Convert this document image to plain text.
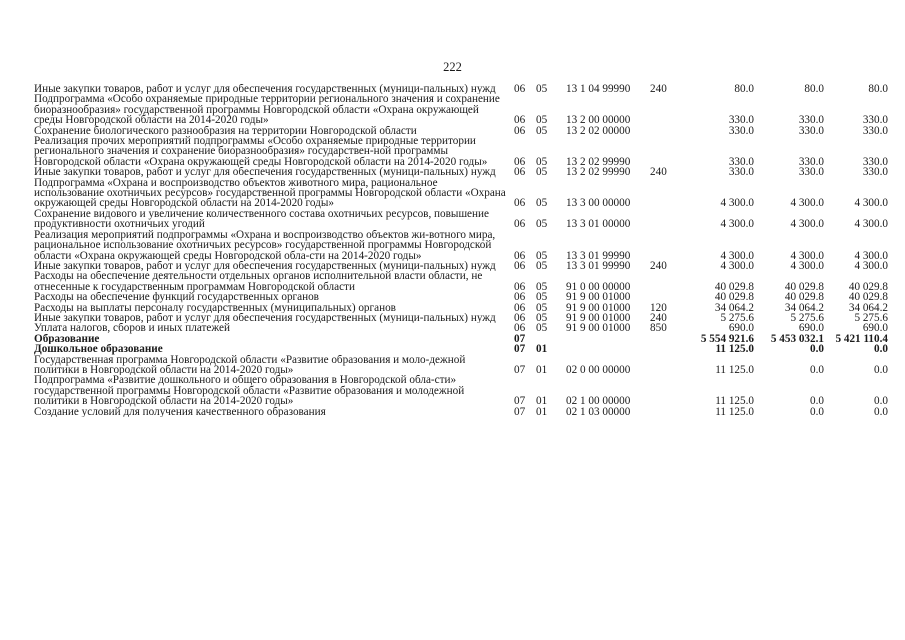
222
Иные закупки товаров, работ и услуг для обеспечения государственных (муници-пальных) нужд	06	05	13 1 04 99990	240	80.0	80.0	80.0
Подпрограмма «Особо охраняемые природные территории регионального значения и сохранение биоразнообразия» государственной программы Новгородской области «Охрана окружающей среды Новгородской области на 2014-2020 годы»	06	05	13 2 00 00000		330.0	330.0	330.0
Сохранение биологического разнообразия на территории Новгородской области	06	05	13 2 02 00000		330.0	330.0	330.0
Реализация прочих мероприятий подпрограммы «Особо охраняемые природные территории регионального значения и сохранение биоразнообразия» государствен-ной программы Новгородской области «Охрана окружающей среды Новгородской области на 2014-2020 годы»	06	05	13 2 02 99990		330.0	330.0	330.0
Иные закупки товаров, работ и услуг для обеспечения государственных (муници-пальных) нужд	06	05	13 2 02 99990	240	330.0	330.0	330.0
Подпрограмма «Охрана и воспроизводство объектов животного мира, рациональное использование охотничьих ресурсов» государственной программы Новгородской области «Охрана окружающей среды Новгородской области на 2014-2020 годы»	06	05	13 3 00 00000		4 300.0	4 300.0	4 300.0
Сохранение видового и увеличение количественного состава охотничьих ресурсов, повышение продуктивности охотничьих угодий	06	05	13 3 01 00000		4 300.0	4 300.0	4 300.0
Реализация мероприятий подпрограммы «Охрана и воспроизводство объектов жи-вотного мира, рациональное использование охотничьих ресурсов» государственной программы Новгородской области «Охрана окружающей среды Новгородской обла-сти на 2014-2020 годы»	06	05	13 3 01 99990		4 300.0	4 300.0	4 300.0
Иные закупки товаров, работ и услуг для обеспечения государственных (муници-пальных) нужд	06	05	13 3 01 99990	240	4 300.0	4 300.0	4 300.0
Расходы на обеспечение деятельности отдельных органов исполнительной власти области, не отнесенные к государственным программам Новгородской области	06	05	91 0 00 00000		40 029.8	40 029.8	40 029.8
Расходы на обеспечение функций государственных органов	06	05	91 9 00 01000		40 029.8	40 029.8	40 029.8
Расходы на выплаты персоналу государственных (муниципальных) органов	06	05	91 9 00 01000	120	34 064.2	34 064.2	34 064.2
Иные закупки товаров, работ и услуг для обеспечения государственных (муници-пальных) нужд	06	05	91 9 00 01000	240	5 275.6	5 275.6	5 275.6
Уплата налогов, сборов и иных платежей	06	05	91 9 00 01000	850	690.0	690.0	690.0
Образование	07				5 554 921.6	5 453 032.1	5 421 110.4
Дошкольное образование	07	01			11 125.0	0.0	0.0
Государственная программа Новгородской области «Развитие образования и моло-дежной политики в Новгородской области на 2014-2020 годы»	07	01	02 0 00 00000		11 125.0	0.0	0.0
Подпрограмма «Развитие дошкольного и общего образования в Новгородской обла-сти» государственной программы Новгородской области «Развитие образования и молодежной политики в Новгородской области на 2014-2020 годы»	07	01	02 1 00 00000		11 125.0	0.0	0.0
Создание условий для получения качественного образования	07	01	02 1 03 00000		11 125.0	0.0	0.0
